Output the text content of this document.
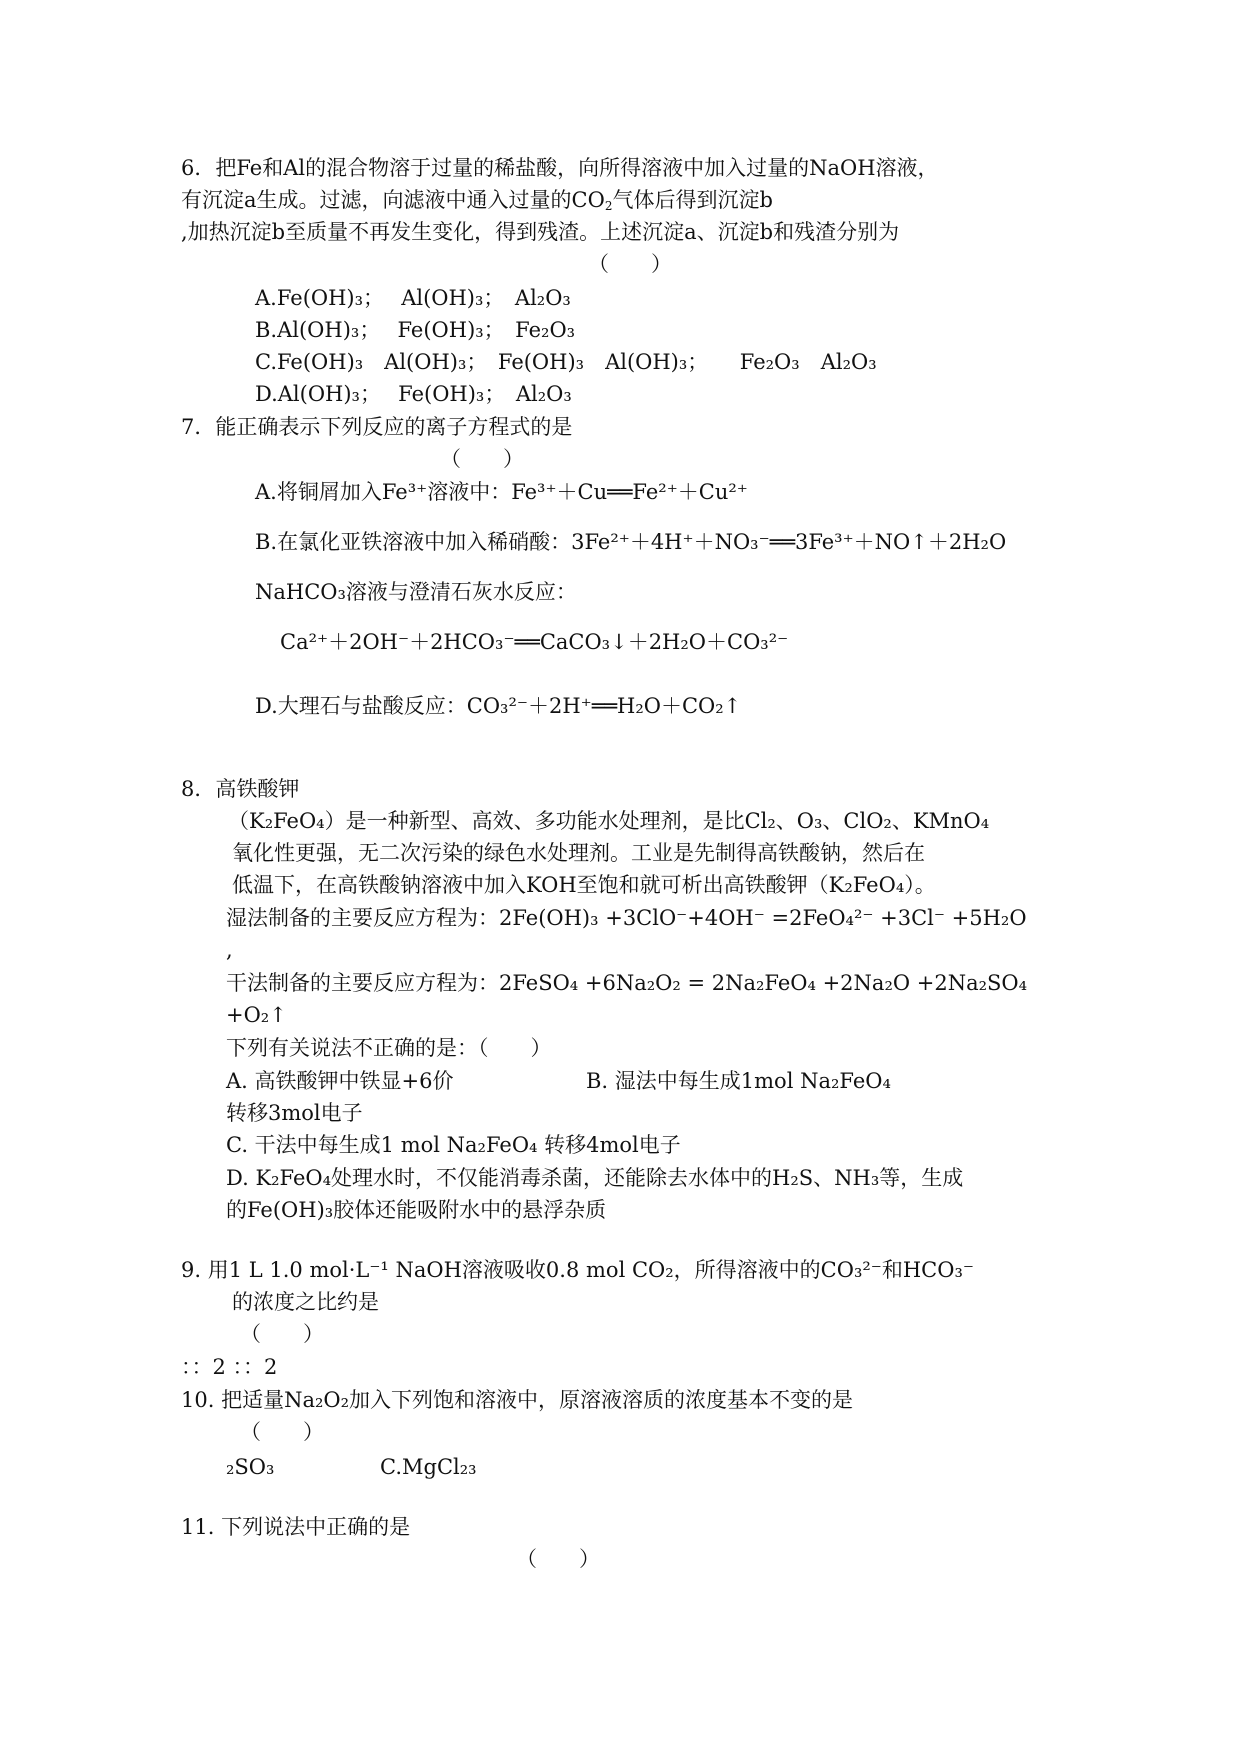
6．把Fe和Al的混合物溶于过量的稀盐酸，向所得溶液中加入过量的NaOH溶液，
有沉淀a生成。过滤，向滤液中通入过量的$CO_2$气体后得到沉淀b
,加热沉淀b至质量不再发生变化，得到残渣。上述沉淀a、沉淀b和残渣分别为
（　　）
A.Fe(OH)₃；　 Al(OH)₃；　Al₂O₃
B.Al(OH)₃；　 Fe(OH)₃；　Fe₂O₃
C.Fe(OH)₃　Al(OH)₃；　Fe(OH)₃　Al(OH)₃；　　Fe₂O₃　Al₂O₃
D.Al(OH)₃；　 Fe(OH)₃；　Al₂O₃
7．能正确表示下列反应的离子方程式的是
（　　）
A.将铜屑加入Fe³⁺溶液中：Fe³⁺＋Cu══Fe²⁺＋Cu²⁺
B.在氯化亚铁溶液中加入稀硝酸：3Fe²⁺＋4H⁺＋NO₃⁻══3Fe³⁺＋NO↑＋2H₂O
NaHCO₃溶液与澄清石灰水反应：
Ca²⁺＋2OH⁻＋2HCO₃⁻══CaCO₃↓＋2H₂O＋CO₃²⁻
D.大理石与盐酸反应：CO₃²⁻＋2H⁺══H₂O＋CO₂↑
8．高铁酸钾
（K₂FeO₄）是一种新型、高效、多功能水处理剂，是比Cl₂、O₃、ClO₂、KMnO₄
氧化性更强，无二次污染的绿色水处理剂。工业是先制得高铁酸钠，然后在
低温下，在高铁酸钠溶液中加入KOH至饱和就可析出高铁酸钾（K₂FeO₄）。
湿法制备的主要反应方程为：2Fe(OH)₃ +3ClO⁻+4OH⁻ =2FeO₄²⁻ +3Cl⁻ +5H₂O
,
干法制备的主要反应方程为：2FeSO₄ +6Na₂O₂ = 2Na₂FeO₄ +2Na₂O +2Na₂SO₄
+O₂↑
下列有关说法不正确的是：（　　）
A. 高铁酸钾中铁显+6价	B. 湿法中每生成1mol Na₂FeO₄
转移3mol电子
C. 干法中每生成1 mol Na₂FeO₄ 转移4mol电子
D. K₂FeO₄处理水时，不仅能消毒杀菌，还能除去水体中的H₂S、NH₃等，生成
的Fe(OH)₃胶体还能吸附水中的悬浮杂质
9. 用1 L 1.0 mol·L⁻¹ NaOH溶液吸收0.8 mol CO₂，所得溶液中的CO₃²⁻和HCO₃⁻
的浓度之比约是
（　　）
：：2 ：：2
10. 把适量Na₂O₂加入下列饱和溶液中，原溶液溶质的浓度基本不变的是
（　　）
₂SO₃	C.MgCl₂₃
11. 下列说法中正确的是
（　　）
